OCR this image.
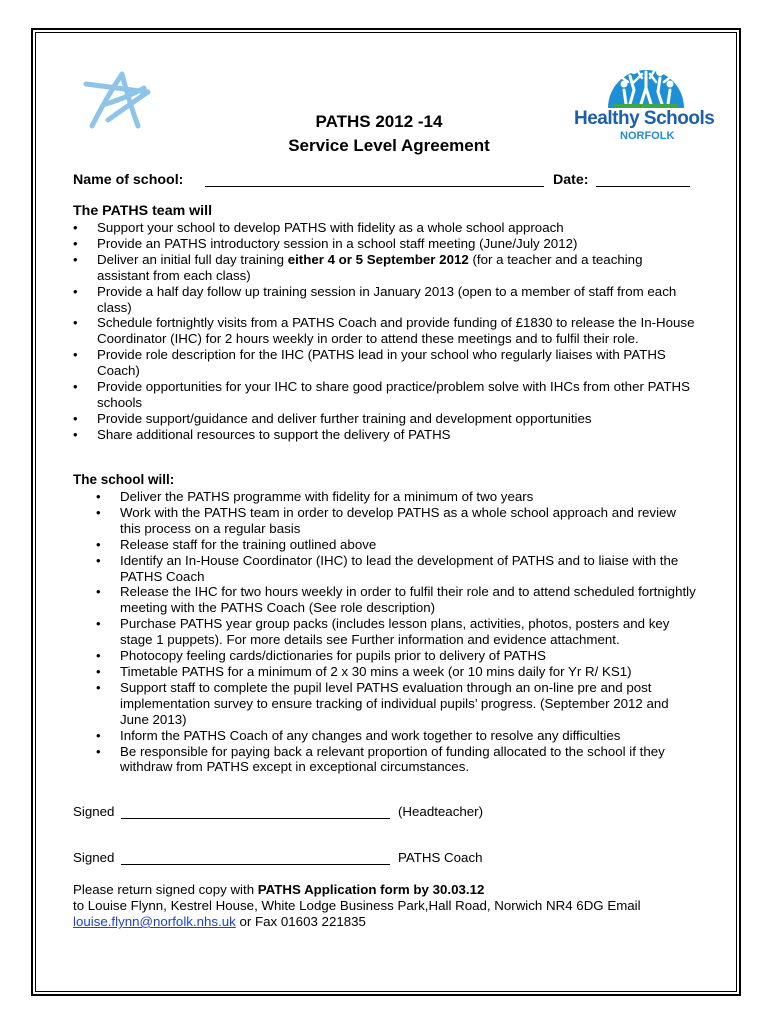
Healthy Schools
NORFOLK
PATHS 2012 -14
Service Level Agreement
Name of school:	Date:
The PATHS team will
• Support your school to develop PATHS with fidelity as a whole school approach
• Provide an PATHS introductory session in a school staff meeting (June/July 2012)
• Deliver an initial full day training either 4 or 5 September 2012 (for a teacher and a teaching assistant from each class)
• Provide a half day follow up training session in January 2013 (open to a member of staff from each class)
• Schedule fortnightly visits from a PATHS Coach and provide funding of £1830 to release the In-House Coordinator (IHC) for 2 hours weekly in order to attend these meetings and to fulfil their role.
• Provide role description for the IHC (PATHS lead in your school who regularly liaises with PATHS Coach)
• Provide opportunities for your IHC to share good practice/problem solve with IHCs from other PATHS schools
• Provide support/guidance and deliver further training and development opportunities
• Share additional resources to support the delivery of PATHS
The school will:
• Deliver the PATHS programme with fidelity for a minimum of two years
• Work with the PATHS team in order to develop PATHS as a whole school approach and review this process on a regular basis
• Release staff for the training outlined above
• Identify an In-House Coordinator (IHC) to lead the development of PATHS and to liaise with the PATHS Coach
• Release the IHC for two hours weekly in order to fulfil their role and to attend scheduled fortnightly meeting with the PATHS Coach (See role description)
• Purchase PATHS year group packs (includes lesson plans, activities, photos, posters and key stage 1 puppets). For more details see Further information and evidence attachment.
• Photocopy feeling cards/dictionaries for pupils prior to delivery of PATHS
• Timetable PATHS for a minimum of 2 x 30 mins a week (or 10 mins daily for Yr R/ KS1)
• Support staff to complete the pupil level PATHS evaluation through an on-line pre and post implementation survey to ensure tracking of individual pupils’ progress. (September 2012 and June 2013)
• Inform the PATHS Coach of any changes and work together to resolve any difficulties
• Be responsible for paying back a relevant proportion of funding allocated to the school if they withdraw from PATHS except in exceptional circumstances.
Signed	(Headteacher)
Signed	PATHS Coach
Please return signed copy with PATHS Application form by 30.03.12
to Louise Flynn, Kestrel House, White Lodge Business Park,Hall Road, Norwich NR4 6DG Email
louise.flynn@norfolk.nhs.uk or Fax 01603 221835
